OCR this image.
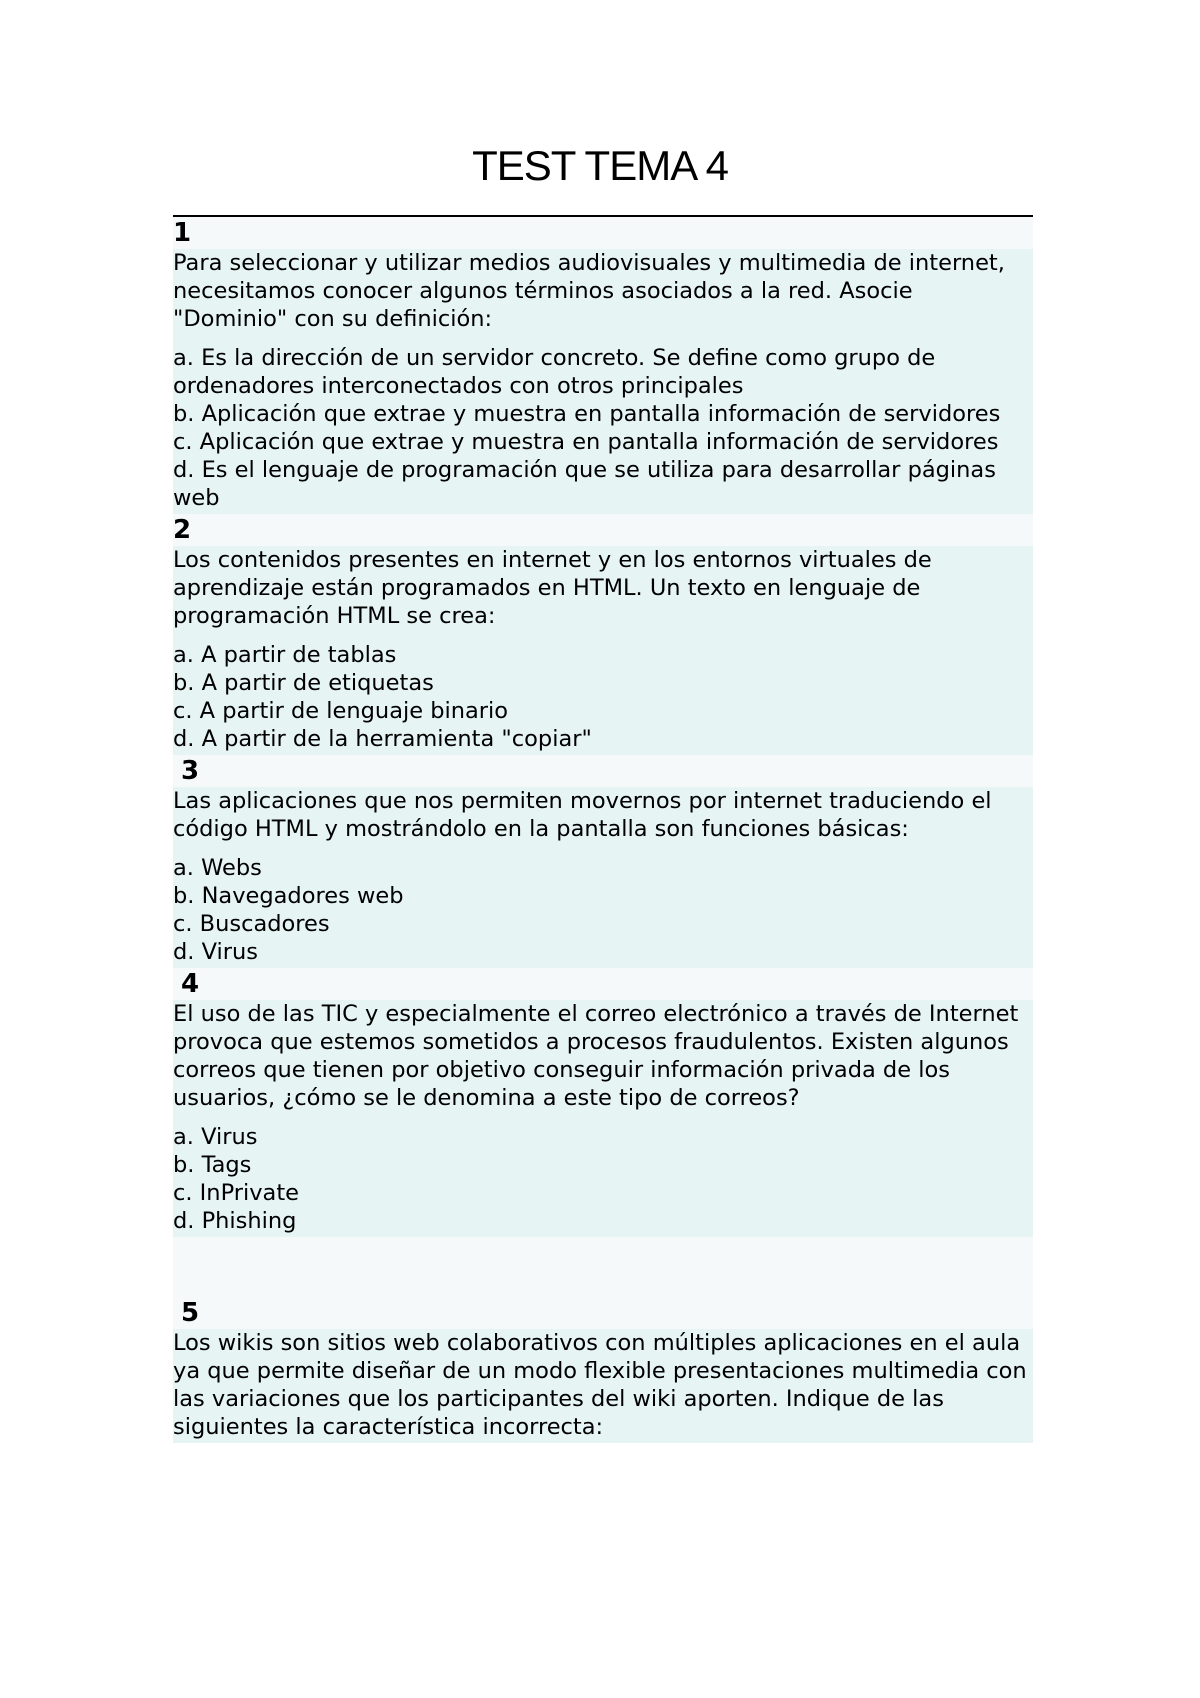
TEST TEMA 4
1

Para seleccionar y utilizar medios audiovisuales y multimedia de internet, necesitamos conocer algunos términos asociados a la red. Asocie "Dominio" con su definición:

a. Es la dirección de un servidor concreto. Se define como grupo de ordenadores interconectados con otros principales

b. Aplicación que extrae y muestra en pantalla información de servidores

c. Aplicación que extrae y muestra en pantalla información de servidores

d. Es el lenguaje de programación que se utiliza para desarrollar páginas web

2

Los contenidos presentes en internet y en los entornos virtuales de aprendizaje están programados en HTML. Un texto en lenguaje de programación HTML se crea:

a. A partir de tablas

b. A partir de etiquetas

c. A partir de lenguaje binario

d. A partir de la herramienta "copiar"

3

Las aplicaciones que nos permiten movernos por internet traduciendo el código HTML y mostrándolo en la pantalla son funciones básicas:

a. Webs

b. Navegadores web

c. Buscadores

d. Virus

4

El uso de las TIC y especialmente el correo electrónico a través de Internet provoca que estemos sometidos a procesos fraudulentos. Existen algunos correos que tienen por objetivo conseguir información privada de los usuarios, ¿cómo se le denomina a este tipo de correos?

a. Virus

b. Tags

c. InPrivate

d. Phishing

5

Los wikis son sitios web colaborativos con múltiples aplicaciones en el aula ya que permite diseñar de un modo flexible presentaciones multimedia con las variaciones que los participantes del wiki aporten. Indique de las siguientes la característica incorrecta:
